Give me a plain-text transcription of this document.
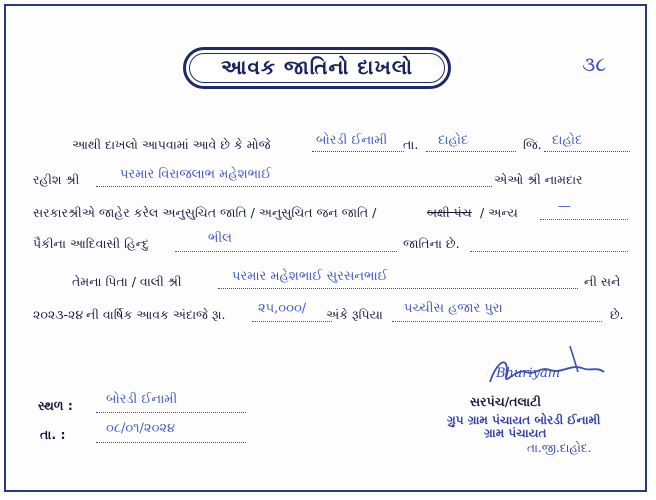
આવક જાતિનો દાખલો	૩૮
આથી દાખલો આપવામાં આવે છે કે મોજે	બોરડી ઈનામી તા. દાહોદ	જિ. દાહોદ
રહીશ શ્રી	પરમાર વિરાજલાભ મહેશભાઈ	એઓ શ્રી નામદાર
સરકારશ્રીએ જાહેર કરેલ અનુસુચિત જાતિ / અનુસુચિત જન જાતિ /	બક્ષી પંચ / અન્ય	—
પૈકીના આદિવાસી હિન્દુ	ભીલ	જાતિના છે.
તેમના પિતા / વાલી શ્રી	પરમાર મહેશભાઈ સુરસનભાઈ	ની સને
૨૦૨૩-૨૪ ની વાર્ષિક આવક અંદાજે રૂા. ૨૫,૦૦૦/ અંકે રૂપિયા પચ્ચીસ હજાર પુરા	છે.
સ્થળ :	બોરડી ઈનામી
તા. :	૦૮/૦૧/૨૦૨૪
Bhuriyam
સરપંચ/તલાટી
ગ્રુપ ગ્રામ પંચાયત બોરડી ઈનામી
ગ્રામ પંચાયત
તા.જી.દાહોદ.
